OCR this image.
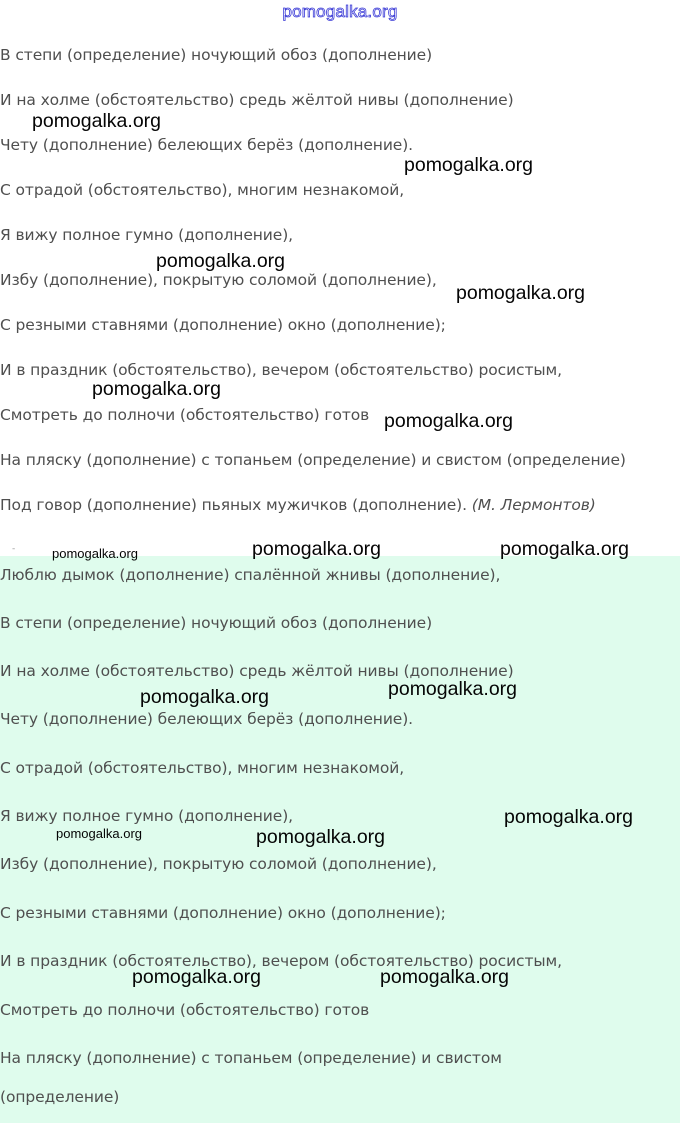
pomogalka.org
В степи (определение) ночующий обоз (дополнение)
И на холме (обстоятельство) средь жёлтой нивы (дополнение)
Чету (дополнение) белеющих берёз (дополнение).
С отрадой (обстоятельство), многим незнакомой,
Я вижу полное гумно (дополнение),
Избу (дополнение), покрытую соломой (дополнение),
С резными ставнями (дополнение) окно (дополнение);
И в праздник (обстоятельство), вечером (обстоятельство) росистым,
Смотреть до полночи (обстоятельство) готов
На пляску (дополнение) с топаньем (определение) и свистом (определение)
Под говор (дополнение) пьяных мужичков (дополнение). (М. Лермонтов)
-
Люблю дымок (дополнение) спалённой жнивы (дополнение),
В степи (определение) ночующий обоз (дополнение)
И на холме (обстоятельство) средь жёлтой нивы (дополнение)
Чету (дополнение) белеющих берёз (дополнение).
С отрадой (обстоятельство), многим незнакомой,
Я вижу полное гумно (дополнение),
Избу (дополнение), покрытую соломой (дополнение),
С резными ставнями (дополнение) окно (дополнение);
И в праздник (обстоятельство), вечером (обстоятельство) росистым,
Смотреть до полночи (обстоятельство) готов
На пляску (дополнение) с топаньем (определение) и свистом
(определение)
pomogalka.org
pomogalka.org
pomogalka.org
pomogalka.org
pomogalka.org
pomogalka.org
pomogalka.org	pomogalka.org	pomogalka.org
pomogalka.org	pomogalka.org
pomogalka.org
pomogalka.org	pomogalka.org
pomogalka.org	pomogalka.org
